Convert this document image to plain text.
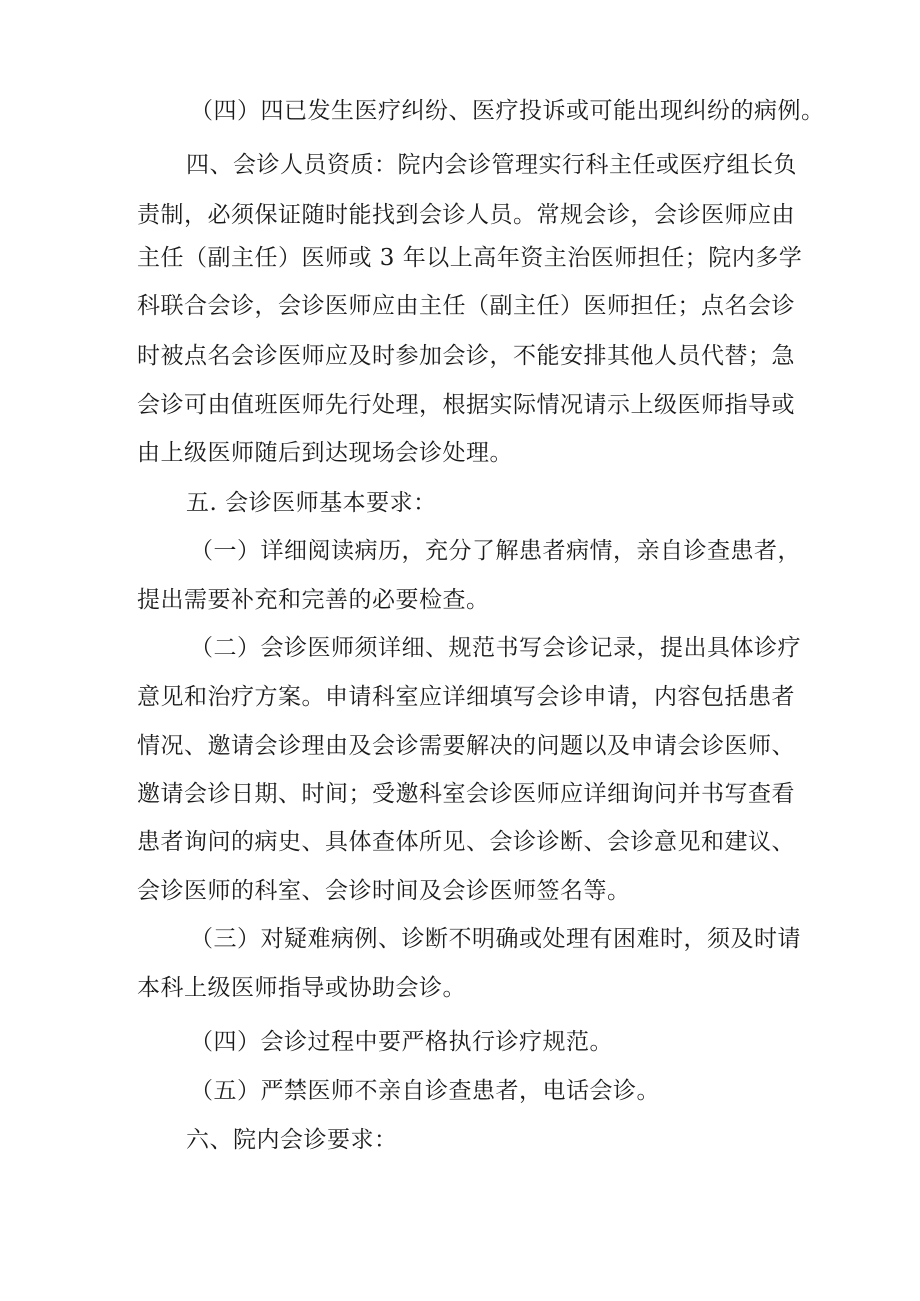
（四）四已发生医疗纠纷、医疗投诉或可能出现纠纷的病例。
四、会诊人员资质：院内会诊管理实行科主任或医疗组长负
责制，必须保证随时能找到会诊人员。常规会诊，会诊医师应由
主任（副主任）医师或 3 年以上高年资主治医师担任；院内多学
科联合会诊，会诊医师应由主任（副主任）医师担任；点名会诊
时被点名会诊医师应及时参加会诊，不能安排其他人员代替；急
会诊可由值班医师先行处理，根据实际情况请示上级医师指导或
由上级医师随后到达现场会诊处理。
五. 会诊医师基本要求：
（一）详细阅读病历，充分了解患者病情，亲自诊查患者，
提出需要补充和完善的必要检查。
（二）会诊医师须详细、规范书写会诊记录，提出具体诊疗
意见和治疗方案。申请科室应详细填写会诊申请，内容包括患者
情况、邀请会诊理由及会诊需要解决的问题以及申请会诊医师、
邀请会诊日期、时间；受邀科室会诊医师应详细询问并书写查看
患者询问的病史、具体查体所见、会诊诊断、会诊意见和建议、
会诊医师的科室、会诊时间及会诊医师签名等。
（三）对疑难病例、诊断不明确或处理有困难时，须及时请
本科上级医师指导或协助会诊。
（四）会诊过程中要严格执行诊疗规范。
（五）严禁医师不亲自诊查患者，电话会诊。
六、院内会诊要求：
